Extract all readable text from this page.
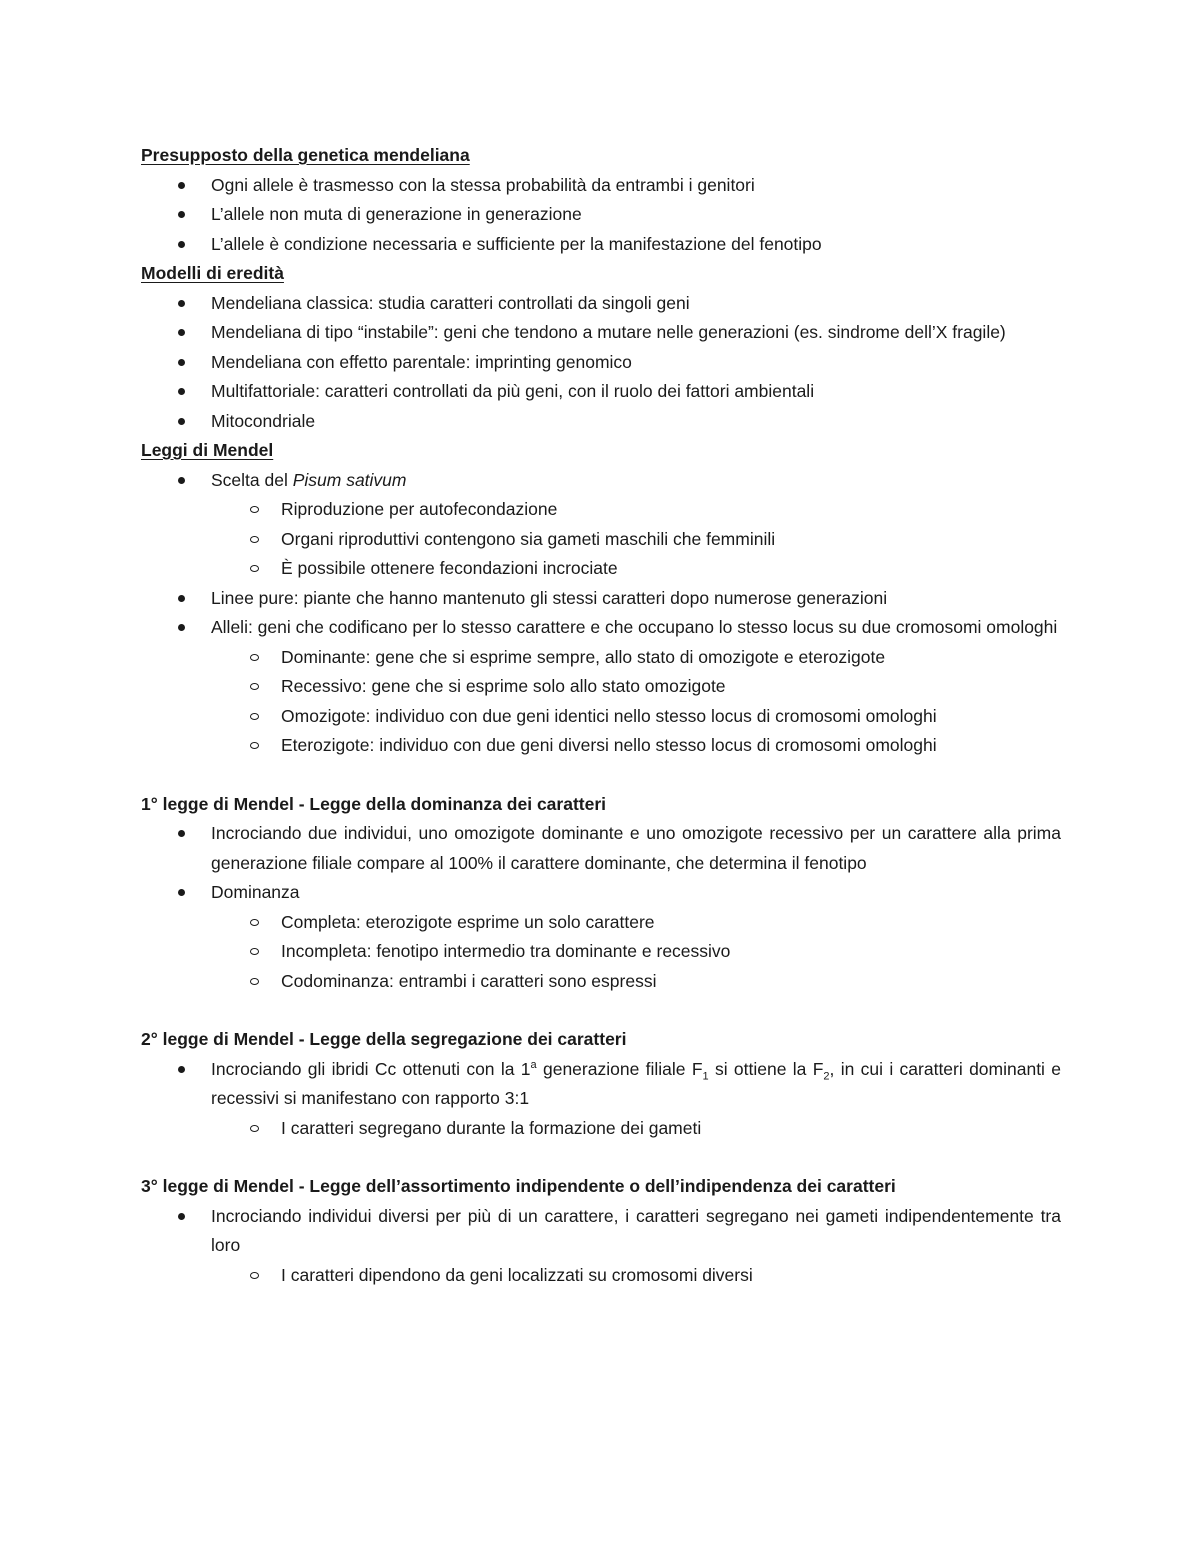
Presupposto della genetica mendeliana
Ogni allele è trasmesso con la stessa probabilità da entrambi i genitori
L’allele non muta di generazione in generazione
L’allele è condizione necessaria e sufficiente per la manifestazione del fenotipo
Modelli di eredità
Mendeliana classica: studia caratteri controllati da singoli geni
Mendeliana di tipo “instabile”: geni che tendono a mutare nelle generazioni (es. sindrome dell’X fragile)
Mendeliana con effetto parentale: imprinting genomico
Multifattoriale: caratteri controllati da più geni, con il ruolo dei fattori ambientali
Mitocondriale
Leggi di Mendel
Scelta del Pisum sativum
Riproduzione per autofecondazione
Organi riproduttivi contengono sia gameti maschili che femminili
È possibile ottenere fecondazioni incrociate
Linee pure: piante che hanno mantenuto gli stessi caratteri dopo numerose generazioni
Alleli: geni che codificano per lo stesso carattere e che occupano lo stesso locus su due cromosomi omologhi
Dominante: gene che si esprime sempre, allo stato di omozigote e eterozigote
Recessivo: gene che si esprime solo allo stato omozigote
Omozigote: individuo con due geni identici nello stesso locus di cromosomi omologhi
Eterozigote: individuo con due geni diversi nello stesso locus di cromosomi omologhi
1° legge di Mendel - Legge della dominanza dei caratteri
Incrociando due individui, uno omozigote dominante e uno omozigote recessivo per un carattere alla prima generazione filiale compare al 100% il carattere dominante, che determina il fenotipo
Dominanza
Completa: eterozigote esprime un solo carattere
Incompleta: fenotipo intermedio tra dominante e recessivo
Codominanza: entrambi i caratteri sono espressi
2° legge di Mendel - Legge della segregazione dei caratteri
Incrociando gli ibridi Cc ottenuti con la 1$^a$ generazione filiale $F_1$ si ottiene la $F_2$, in cui i caratteri dominanti e recessivi si manifestano con rapporto 3:1
I caratteri segregano durante la formazione dei gameti
3° legge di Mendel - Legge dell’assortimento indipendente o dell’indipendenza dei caratteri
Incrociando individui diversi per più di un carattere, i caratteri segregano nei gameti indipendentemente tra loro
I caratteri dipendono da geni localizzati su cromosomi diversi
